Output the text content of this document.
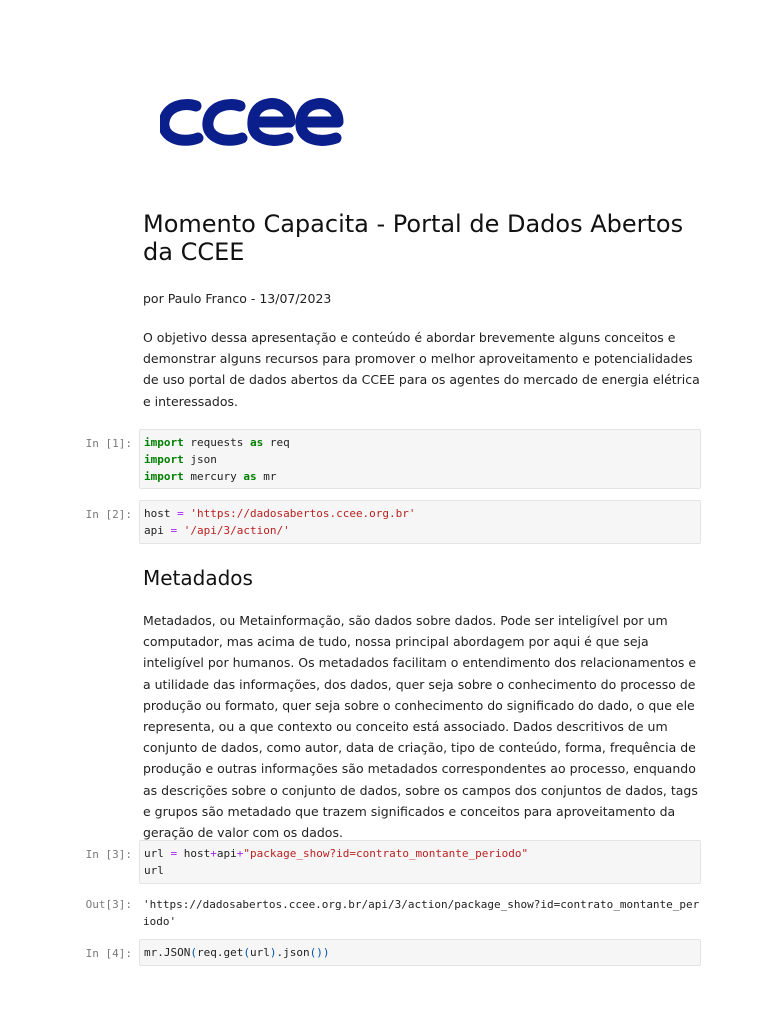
Momento Capacita - Portal de Dados Abertos da CCEE
por Paulo Franco - 13/07/2023

O objetivo dessa apresentação e conteúdo é abordar brevemente alguns conceitos e demonstrar alguns recursos para promover o melhor aproveitamento e potencialidades de uso portal de dados abertos da CCEE para os agentes do mercado de energia elétrica e interessados.

In [1]: import requests as req
import json
import mercury as mr
In [2]: host = 'https://dadosabertos.ccee.org.br'
api = '/api/3/action/'
Metadados

Metadados, ou Metainformação, são dados sobre dados. Pode ser inteligível por um computador, mas acima de tudo, nossa principal abordagem por aqui é que seja inteligível por humanos. Os metadados facilitam o entendimento dos relacionamentos e a utilidade das informações, dos dados, quer seja sobre o conhecimento do processo de produção ou formato, quer seja sobre o conhecimento do significado do dado, o que ele representa, ou a que contexto ou conceito está associado. Dados descritivos de um conjunto de dados, como autor, data de criação, tipo de conteúdo, forma, frequência de produção e outras informações são metadados correspondentes ao processo, enquando as descrições sobre o conjunto de dados, sobre os campos dos conjuntos de dados, tags e grupos são metadado que trazem significados e conceitos para aproveitamento da geração de valor com os dados.

In [3]: url = host+api+"package_show?id=contrato_montante_periodo"
url
Out[3]: 'https://dadosabertos.ccee.org.br/api/3/action/package_show?id=contrato_montante_periodo'
In [4]: mr.JSON(req.get(url).json())
